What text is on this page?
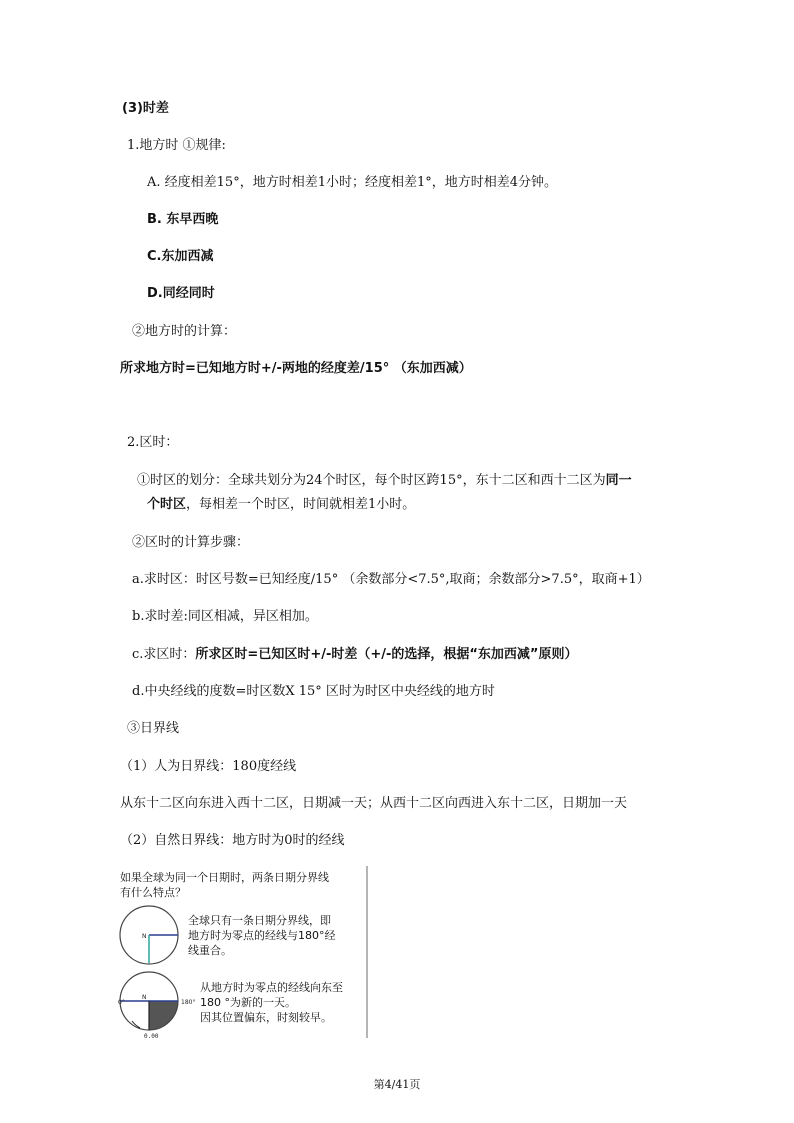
(3)时差
1.地方时 ①规律:
A. 经度相差15°，地方时相差1小时；经度相差1°，地方时相差4分钟。
B. 东早西晚
C.东加西减
D.同经同时
②地方时的计算：
所求地方时=已知地方时+/-两地的经度差/15° （东加西减）
2.区时：
①时区的划分：全球共划分为24个时区，每个时区跨15°，东十二区和西十二区为同一
个时区，每相差一个时区，时间就相差1小时。
②区时的计算步骤：
a.求时区：时区号数=已知经度/15° （余数部分<7.5°,取商；余数部分>7.5°，取商+1）
b.求时差:同区相减，异区相加。
c.求区时：所求区时=已知区时+/-时差（+/-的选择，根据“东加西减”原则）
d.中央经线的度数=时区数X 15° 区时为时区中央经线的地方时
③日界线
（1）人为日界线：180度经线
从东十二区向东进入西十二区，日期减一天；从西十二区向西进入东十二区，日期加一天
（2）自然日界线：地方时为0时的经线
如果全球为同一个日期时，两条日期分界线
有什么特点？
N
N
0°	180°
0.00
全球只有一条日期分界线，即
地方时为零点的经线与180°经
线重合。
从地方时为零点的经线向东至
180 °为新的一天。
因其位置偏东，时刻较早。
第4/41页
